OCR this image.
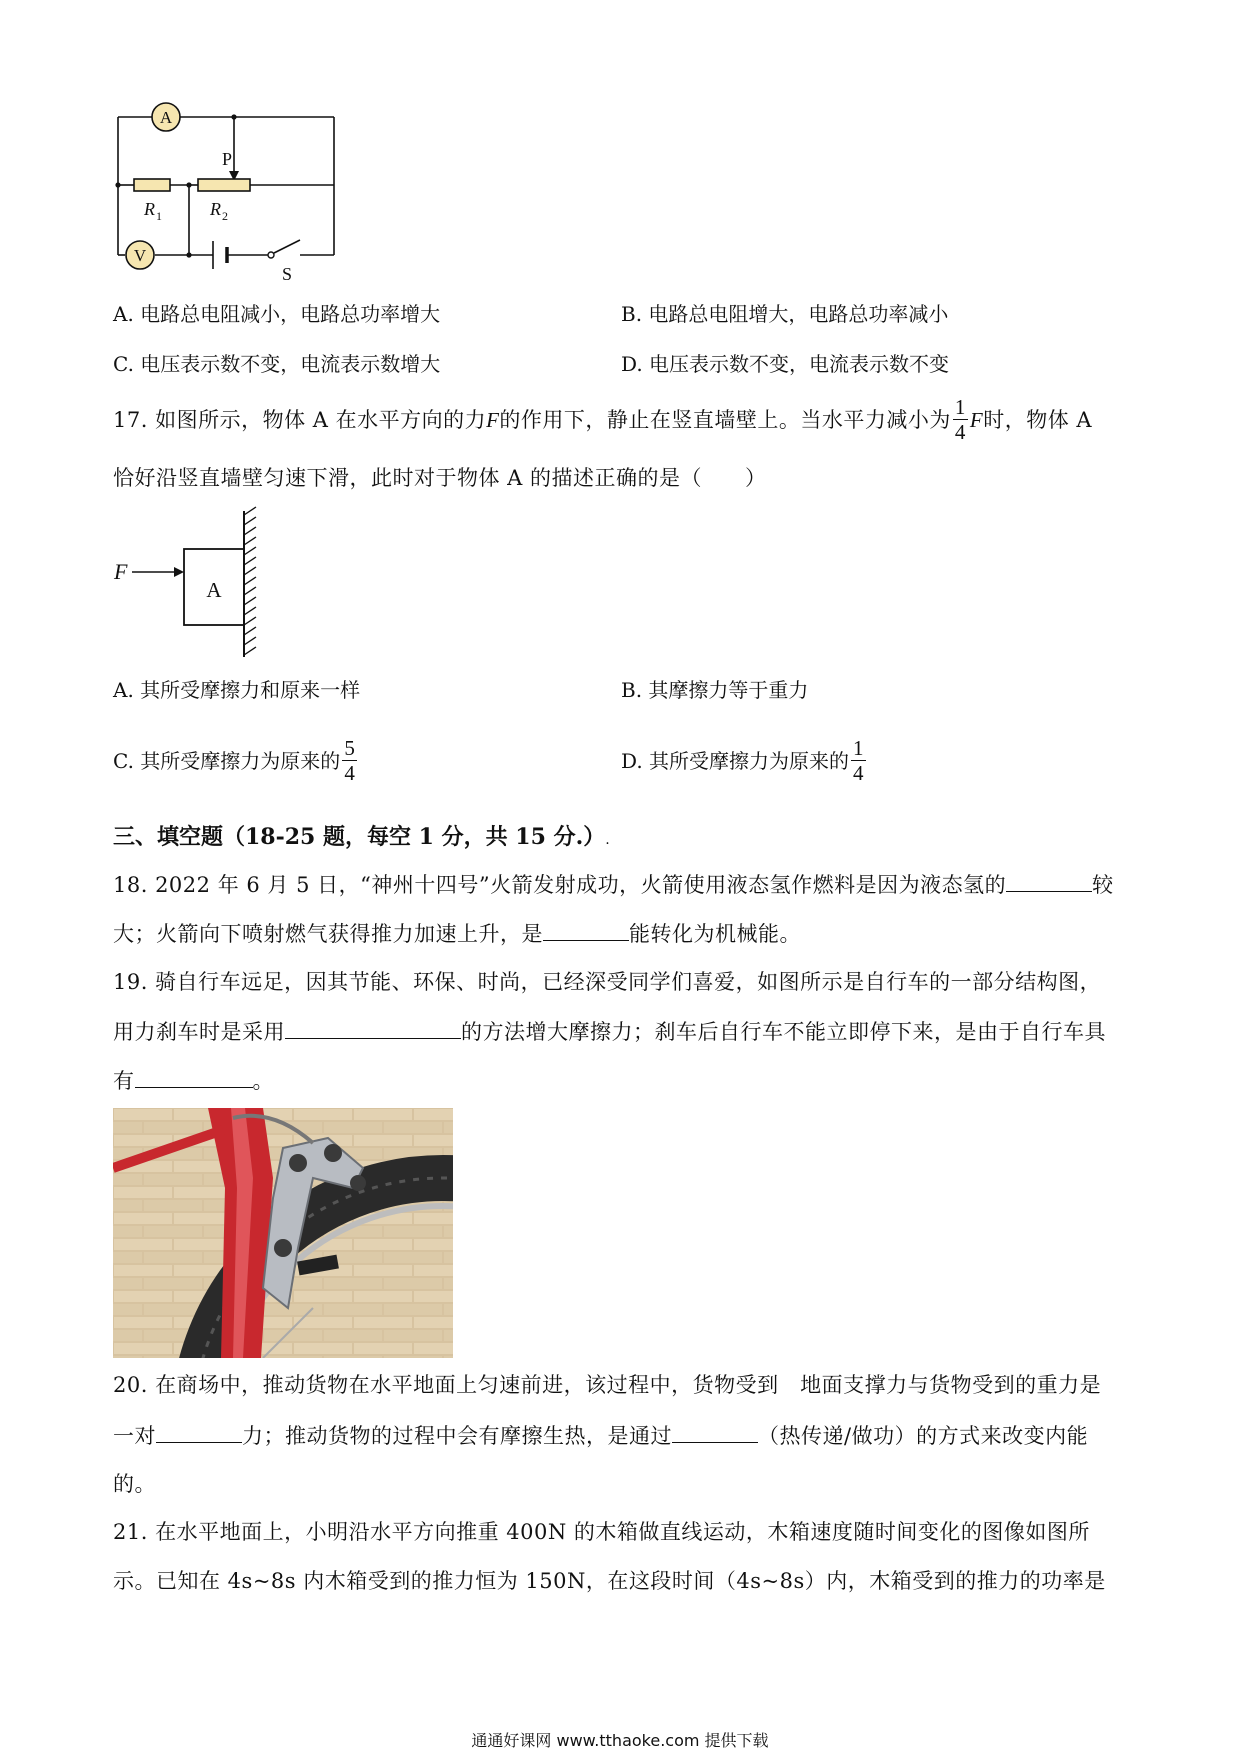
A
V
P
R 1	R 2
S
A. 电路总电阻减小，电路总功率增大	B. 电路总电阻增大，电路总功率减小
C. 电压表示数不变，电流表示数增大	D. 电压表示数不变，电流表示数不变
17. 如图所示，物体 A 在水平方向的力 F 的作用下，静止在竖直墙壁上。当水平力减小为 $\frac{1}{4}$ F 时，物体 A
恰好沿竖直墙壁匀速下滑，此时对于物体 A 的描述正确的是（　　）
F
A
A. 其所受摩擦力和原来一样	B. 其摩擦力等于重力
C. 其所受摩擦力为原来的 $\frac{5}{4}$	D. 其所受摩擦力为原来的 $\frac{1}{4}$
三、填空题（18-25 题，每空 1 分，共 15 分.）.
18. 2022 年 6 月 5 日，“神州十四号”火箭发射成功，火箭使用液态氢作燃料是因为液态氢的	较
大；火箭向下喷射燃气获得推力加速上升，是	能转化为机械能。
19. 骑自行车远足，因其节能、环保、时尚，已经深受同学们喜爱，如图所示是自行车的一部分结构图，
用力刹车时是采用	的方法增大摩擦力；刹车后自行车不能立即停下来，是由于自行车具
有	。
20. 在商场中，推动货物在水平地面上匀速前进，该过程中，货物受到　地面支撑力与货物受到的重力是
一对	力；推动货物的过程中会有摩擦生热，是通过	（热传递/做功）的方式来改变内能
的。
21. 在水平地面上，小明沿水平方向推重 400N 的木箱做直线运动，木箱速度随时间变化的图像如图所
示。已知在 4s~8s 内木箱受到的推力恒为 150N，在这段时间（4s~8s）内，木箱受到的推力的功率是
通通好课网 www.tthaoke.com 提供下载
